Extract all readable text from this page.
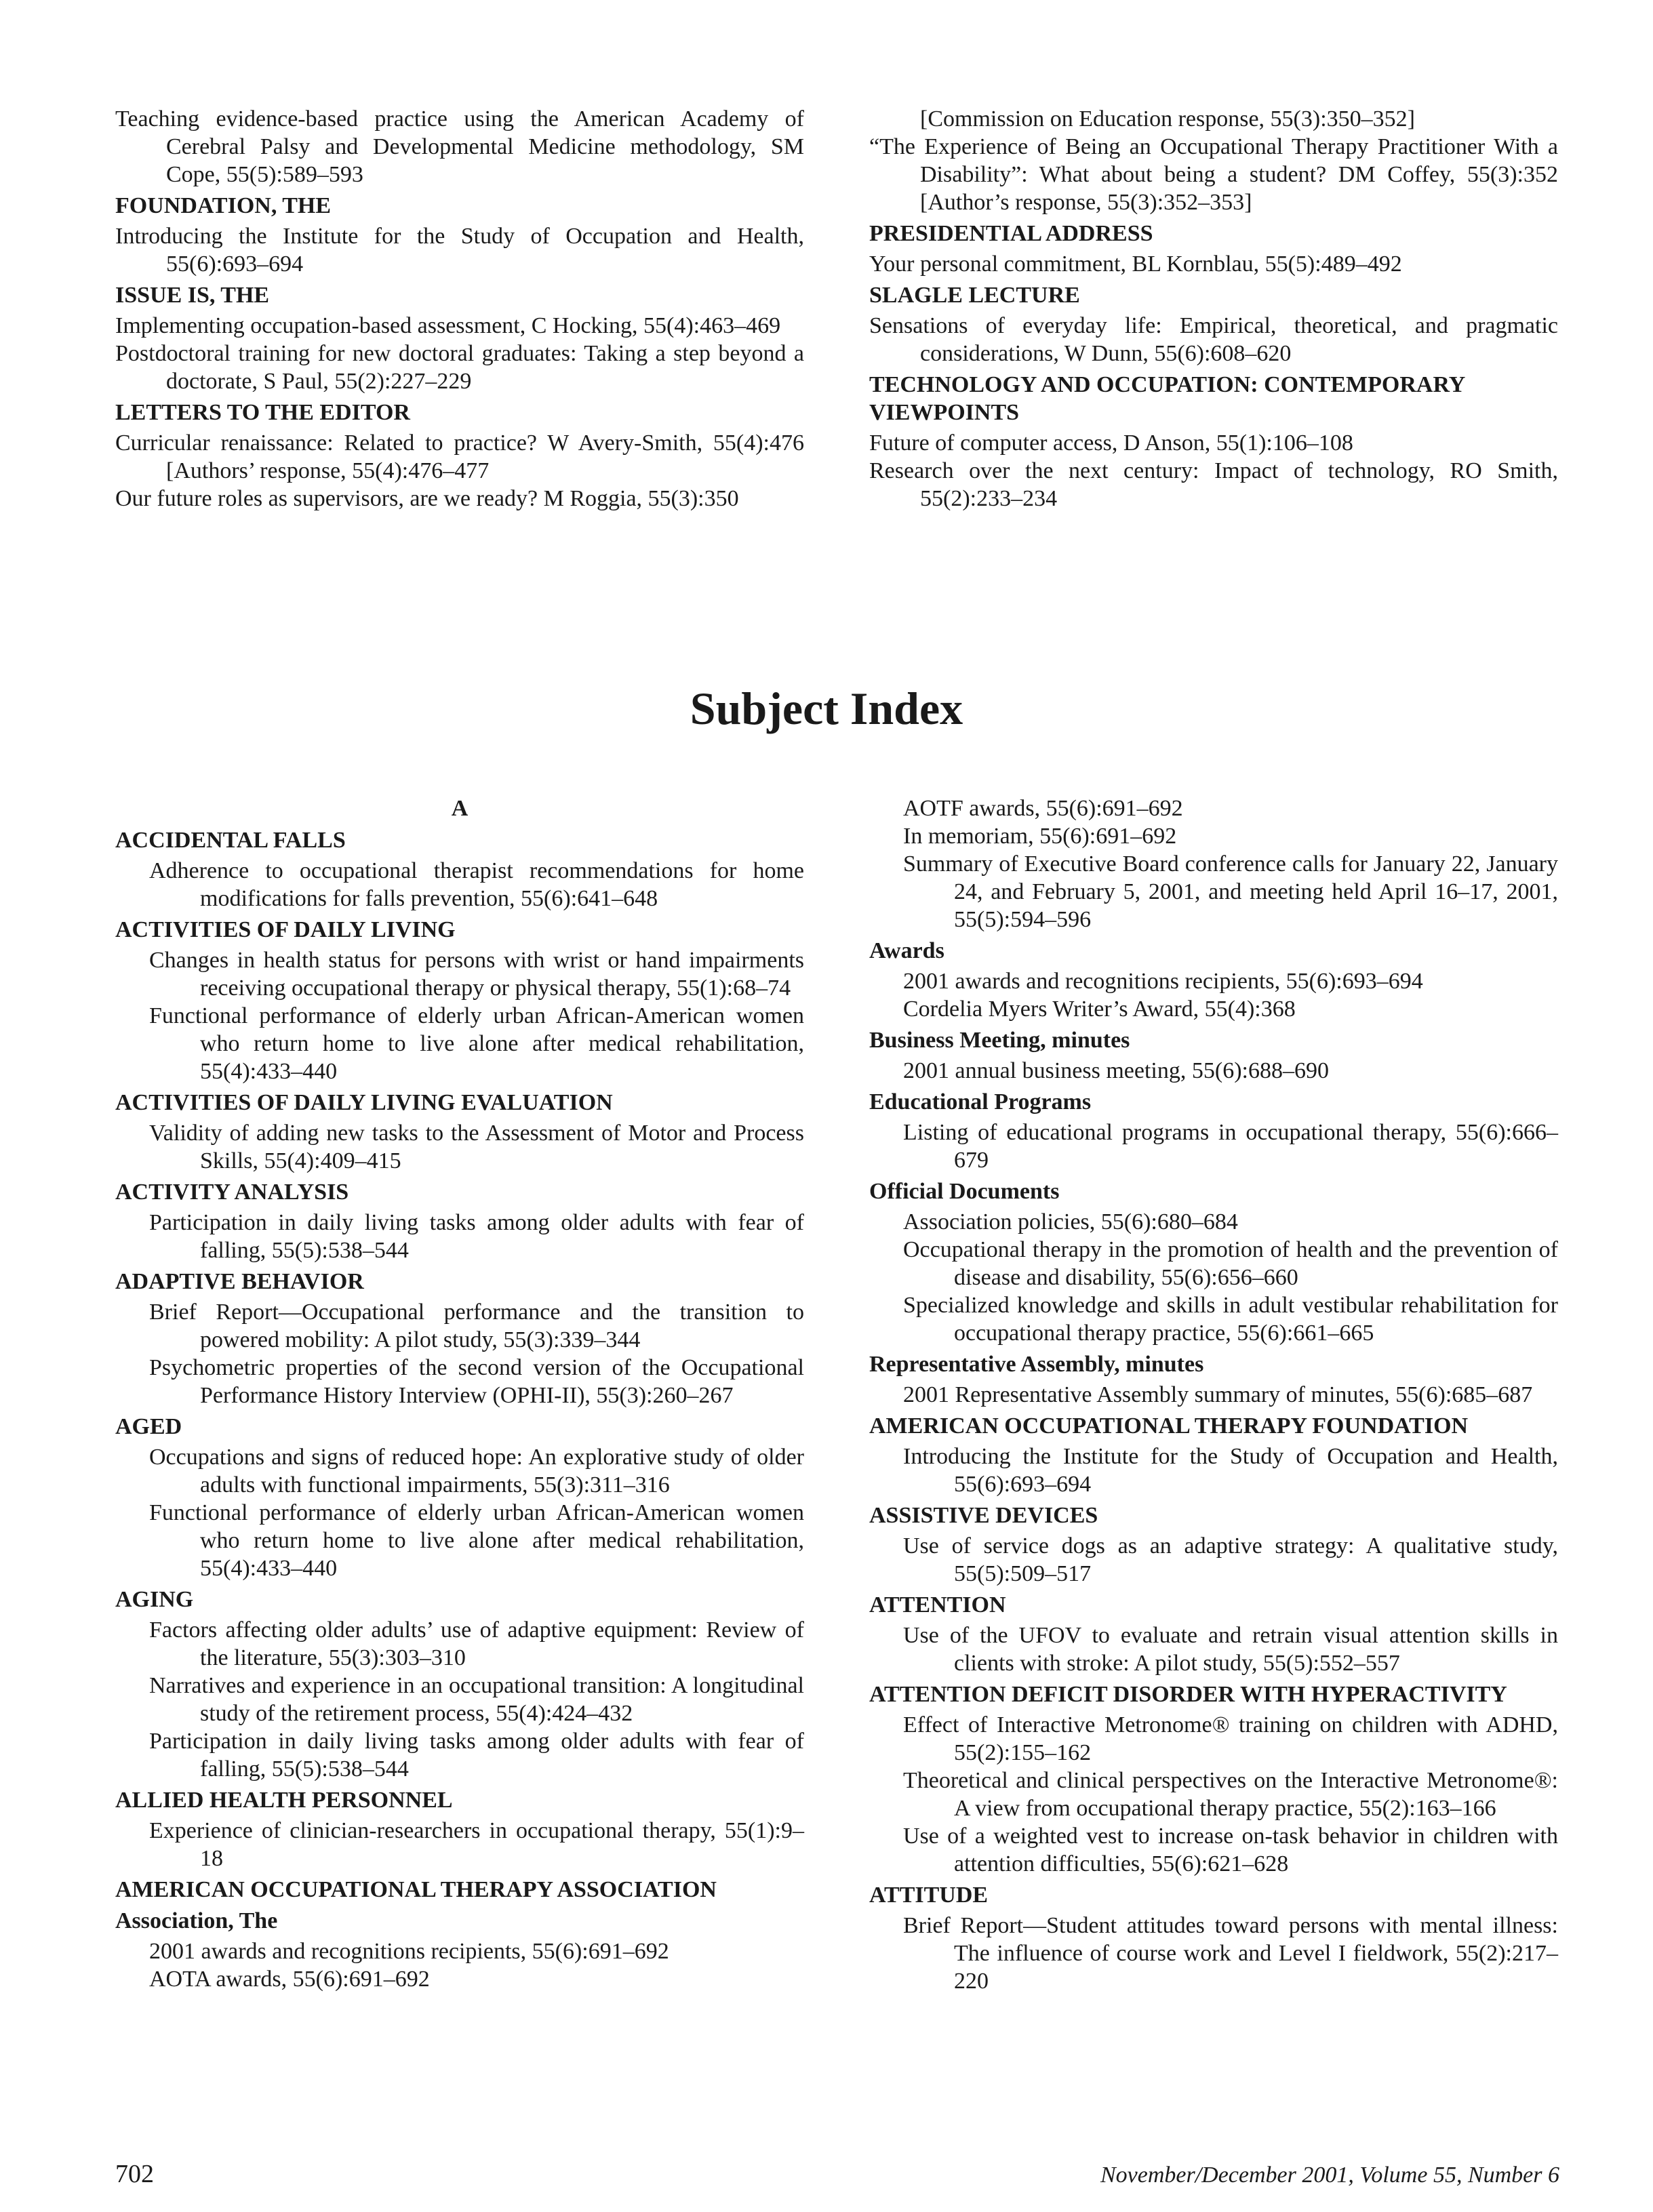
Teaching evidence-based practice using the American Academy of Cerebral Palsy and Developmental Medicine methodology, SM Cope, 55(5):589–593
FOUNDATION, THE
Introducing the Institute for the Study of Occupation and Health, 55(6):693–694
ISSUE IS, THE
Implementing occupation-based assessment, C Hocking, 55(4):463–469
Postdoctoral training for new doctoral graduates: Taking a step beyond a doctorate, S Paul, 55(2):227–229
LETTERS TO THE EDITOR
Curricular renaissance: Related to practice? W Avery-Smith, 55(4):476 [Authors’ response, 55(4):476–477
Our future roles as supervisors, are we ready? M Roggia, 55(3):350
[Commission on Education response, 55(3):350–352]
“The Experience of Being an Occupational Therapy Practitioner With a Disability”: What about being a student? DM Coffey, 55(3):352 [Author’s response, 55(3):352–353]
PRESIDENTIAL ADDRESS
Your personal commitment, BL Kornblau, 55(5):489–492
SLAGLE LECTURE
Sensations of everyday life: Empirical, theoretical, and pragmatic considerations, W Dunn, 55(6):608–620
TECHNOLOGY AND OCCUPATION: CONTEMPORARY VIEWPOINTS
Future of computer access, D Anson, 55(1):106–108
Research over the next century: Impact of technology, RO Smith, 55(2):233–234
Subject Index
A
ACCIDENTAL FALLS
Adherence to occupational therapist recommendations for home modifications for falls prevention, 55(6):641–648
ACTIVITIES OF DAILY LIVING
Changes in health status for persons with wrist or hand impairments receiving occupational therapy or physical therapy, 55(1):68–74
Functional performance of elderly urban African-American women who return home to live alone after medical rehabilitation, 55(4):433–440
ACTIVITIES OF DAILY LIVING EVALUATION
Validity of adding new tasks to the Assessment of Motor and Process Skills, 55(4):409–415
ACTIVITY ANALYSIS
Participation in daily living tasks among older adults with fear of falling, 55(5):538–544
ADAPTIVE BEHAVIOR
Brief Report—Occupational performance and the transition to powered mobility: A pilot study, 55(3):339–344
Psychometric properties of the second version of the Occupational Performance History Interview (OPHI-II), 55(3):260–267
AGED
Occupations and signs of reduced hope: An explorative study of older adults with functional impairments, 55(3):311–316
Functional performance of elderly urban African-American women who return home to live alone after medical rehabilitation, 55(4):433–440
AGING
Factors affecting older adults’ use of adaptive equipment: Review of the literature, 55(3):303–310
Narratives and experience in an occupational transition: A longitudinal study of the retirement process, 55(4):424–432
Participation in daily living tasks among older adults with fear of falling, 55(5):538–544
ALLIED HEALTH PERSONNEL
Experience of clinician-researchers in occupational therapy, 55(1):9–18
AMERICAN OCCUPATIONAL THERAPY ASSOCIATION
Association, The
2001 awards and recognitions recipients, 55(6):691–692
AOTA awards, 55(6):691–692
AOTF awards, 55(6):691–692
In memoriam, 55(6):691–692
Summary of Executive Board conference calls for January 22, January 24, and February 5, 2001, and meeting held April 16–17, 2001, 55(5):594–596
Awards
2001 awards and recognitions recipients, 55(6):693–694
Cordelia Myers Writer’s Award, 55(4):368
Business Meeting, minutes
2001 annual business meeting, 55(6):688–690
Educational Programs
Listing of educational programs in occupational therapy, 55(6):666–679
Official Documents
Association policies, 55(6):680–684
Occupational therapy in the promotion of health and the prevention of disease and disability, 55(6):656–660
Specialized knowledge and skills in adult vestibular rehabilitation for occupational therapy practice, 55(6):661–665
Representative Assembly, minutes
2001 Representative Assembly summary of minutes, 55(6):685–687
AMERICAN OCCUPATIONAL THERAPY FOUNDATION
Introducing the Institute for the Study of Occupation and Health, 55(6):693–694
ASSISTIVE DEVICES
Use of service dogs as an adaptive strategy: A qualitative study, 55(5):509–517
ATTENTION
Use of the UFOV to evaluate and retrain visual attention skills in clients with stroke: A pilot study, 55(5):552–557
ATTENTION DEFICIT DISORDER WITH HYPERACTIVITY
Effect of Interactive Metronome® training on children with ADHD, 55(2):155–162
Theoretical and clinical perspectives on the Interactive Metronome®: A view from occupational therapy practice, 55(2):163–166
Use of a weighted vest to increase on-task behavior in children with attention difficulties, 55(6):621–628
ATTITUDE
Brief Report—Student attitudes toward persons with mental illness: The influence of course work and Level I fieldwork, 55(2):217–220
702	November/December 2001, Volume 55, Number 6
